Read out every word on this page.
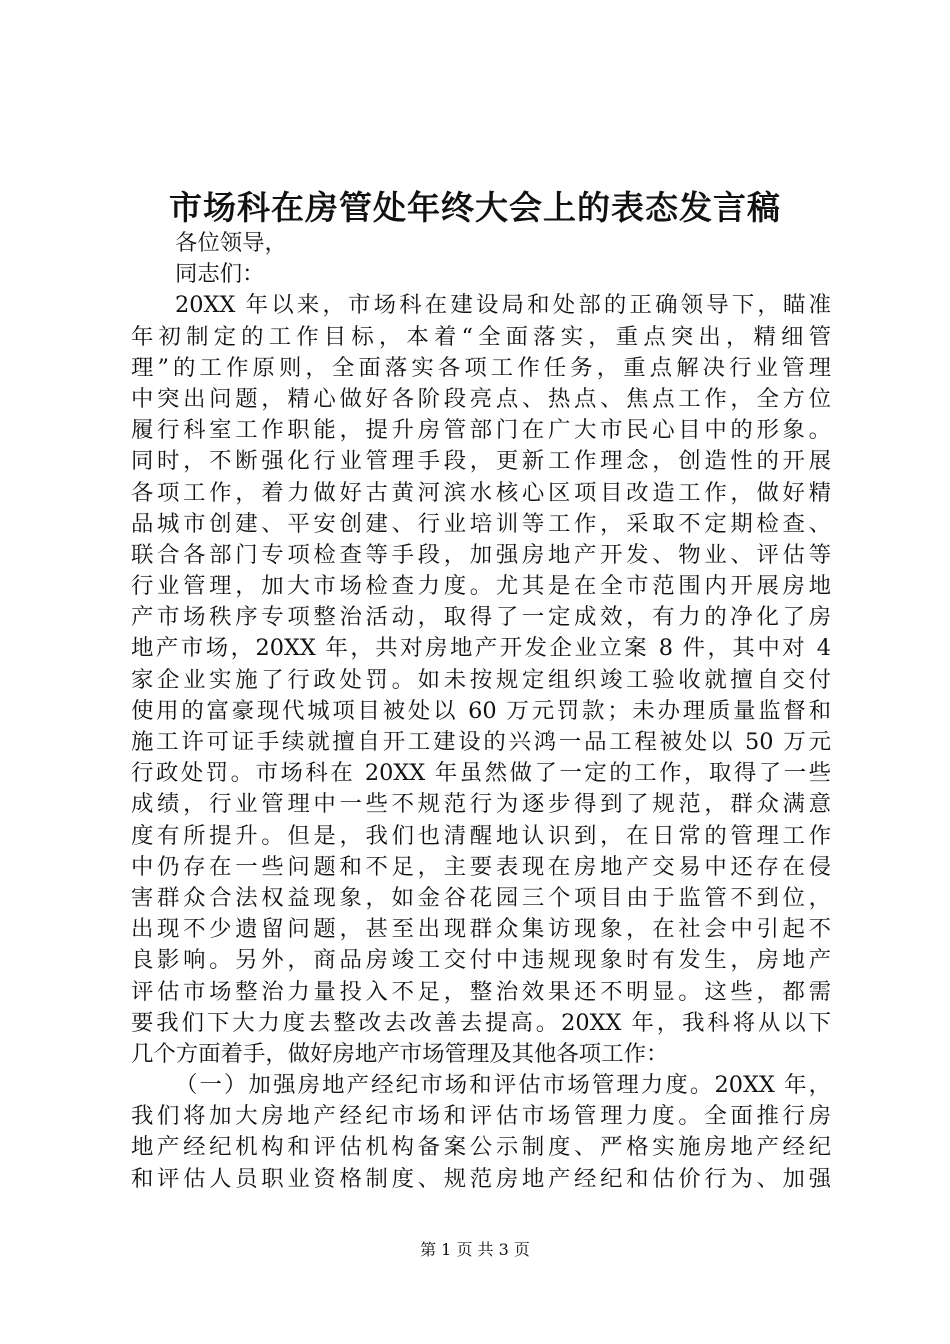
市场科在房管处年终大会上的表态发言稿
各位领导，
同志们：
20XX 年以来，市场科在建设局和处部的正确领导下，瞄准
年初制定的工作目标，本着“全面落实，重点突出，精细管
理”的工作原则，全面落实各项工作任务，重点解决行业管理
中突出问题，精心做好各阶段亮点、热点、焦点工作，全方位
履行科室工作职能，提升房管部门在广大市民心目中的形象。
同时，不断强化行业管理手段，更新工作理念，创造性的开展
各项工作，着力做好古黄河滨水核心区项目改造工作，做好精
品城市创建、平安创建、行业培训等工作，采取不定期检查、
联合各部门专项检查等手段，加强房地产开发、物业、评估等
行业管理，加大市场检查力度。尤其是在全市范围内开展房地
产市场秩序专项整治活动，取得了一定成效，有力的净化了房
地产市场，20XX 年，共对房地产开发企业立案 8 件，其中对 4
家企业实施了行政处罚。如未按规定组织竣工验收就擅自交付
使用的富豪现代城项目被处以 60 万元罚款；未办理质量监督和
施工许可证手续就擅自开工建设的兴鸿一品工程被处以 50 万元
行政处罚。市场科在 20XX 年虽然做了一定的工作，取得了一些
成绩，行业管理中一些不规范行为逐步得到了规范，群众满意
度有所提升。但是，我们也清醒地认识到，在日常的管理工作
中仍存在一些问题和不足，主要表现在房地产交易中还存在侵
害群众合法权益现象，如金谷花园三个项目由于监管不到位，
出现不少遗留问题，甚至出现群众集访现象，在社会中引起不
良影响。另外，商品房竣工交付中违规现象时有发生，房地产
评估市场整治力量投入不足，整治效果还不明显。这些，都需
要我们下大力度去整改去改善去提高。20XX 年，我科将从以下
几个方面着手，做好房地产市场管理及其他各项工作：
（一）加强房地产经纪市场和评估市场管理力度。20XX 年，
我们将加大房地产经纪市场和评估市场管理力度。全面推行房
地产经纪机构和评估机构备案公示制度、严格实施房地产经纪
和评估人员职业资格制度、规范房地产经纪和估价行为、加强
第 1 页 共 3 页
